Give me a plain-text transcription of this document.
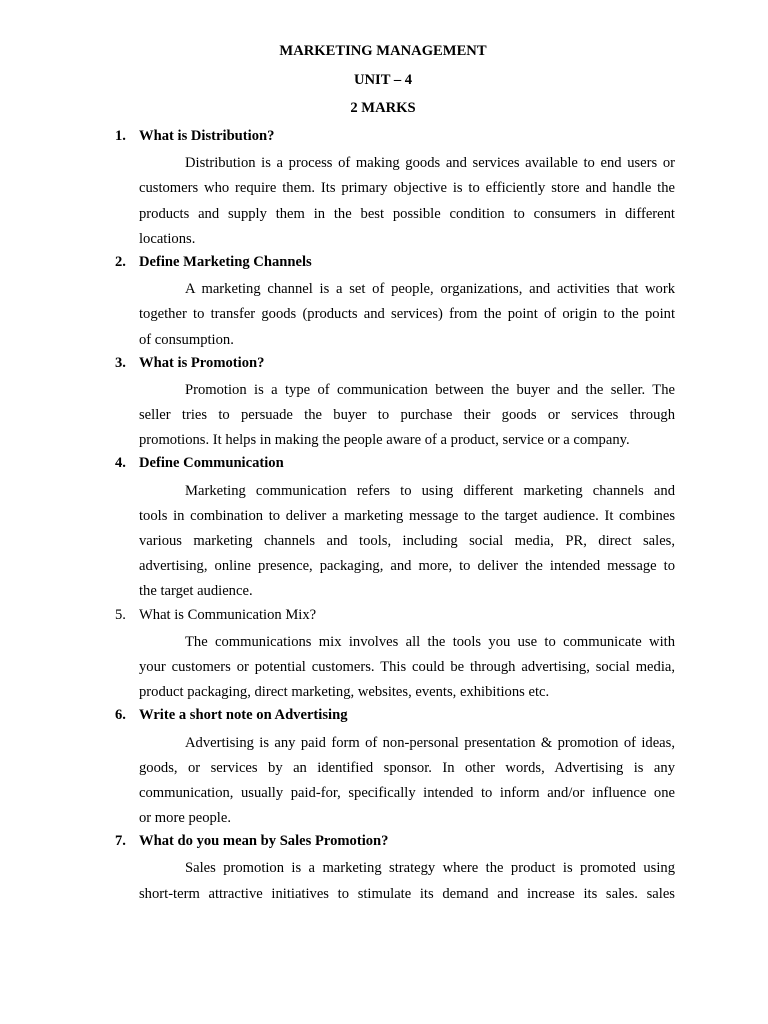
MARKETING MANAGEMENT
UNIT – 4
2 MARKS
1. What is Distribution?
Distribution is a process of making goods and services available to end users or
customers who require them. Its primary objective is to efficiently store and handle the
products and supply them in the best possible condition to consumers in different
locations.
2. Define Marketing Channels
A marketing channel is a set of people, organizations, and activities that work
together to transfer goods (products and services) from the point of origin to the point
of consumption.
3. What is Promotion?
Promotion is a type of communication between the buyer and the seller. The
seller tries to persuade the buyer to purchase their goods or services through
promotions. It helps in making the people aware of a product, service or a company.
4. Define Communication
Marketing communication refers to using different marketing channels and
tools in combination to deliver a marketing message to the target audience. It combines
various marketing channels and tools, including social media, PR, direct sales,
advertising, online presence, packaging, and more, to deliver the intended message to
the target audience.
5. What is Communication Mix?
The communications mix involves all the tools you use to communicate with
your customers or potential customers. This could be through advertising, social media,
product packaging, direct marketing, websites, events, exhibitions etc.
6. Write a short note on Advertising
Advertising is any paid form of non-personal presentation & promotion of ideas,
goods, or services by an identified sponsor. In other words, Advertising is any
communication, usually paid-for, specifically intended to inform and/or influence one
or more people.
7. What do you mean by Sales Promotion?
Sales promotion is a marketing strategy where the product is promoted using
short-term attractive initiatives to stimulate its demand and increase its sales. sales
